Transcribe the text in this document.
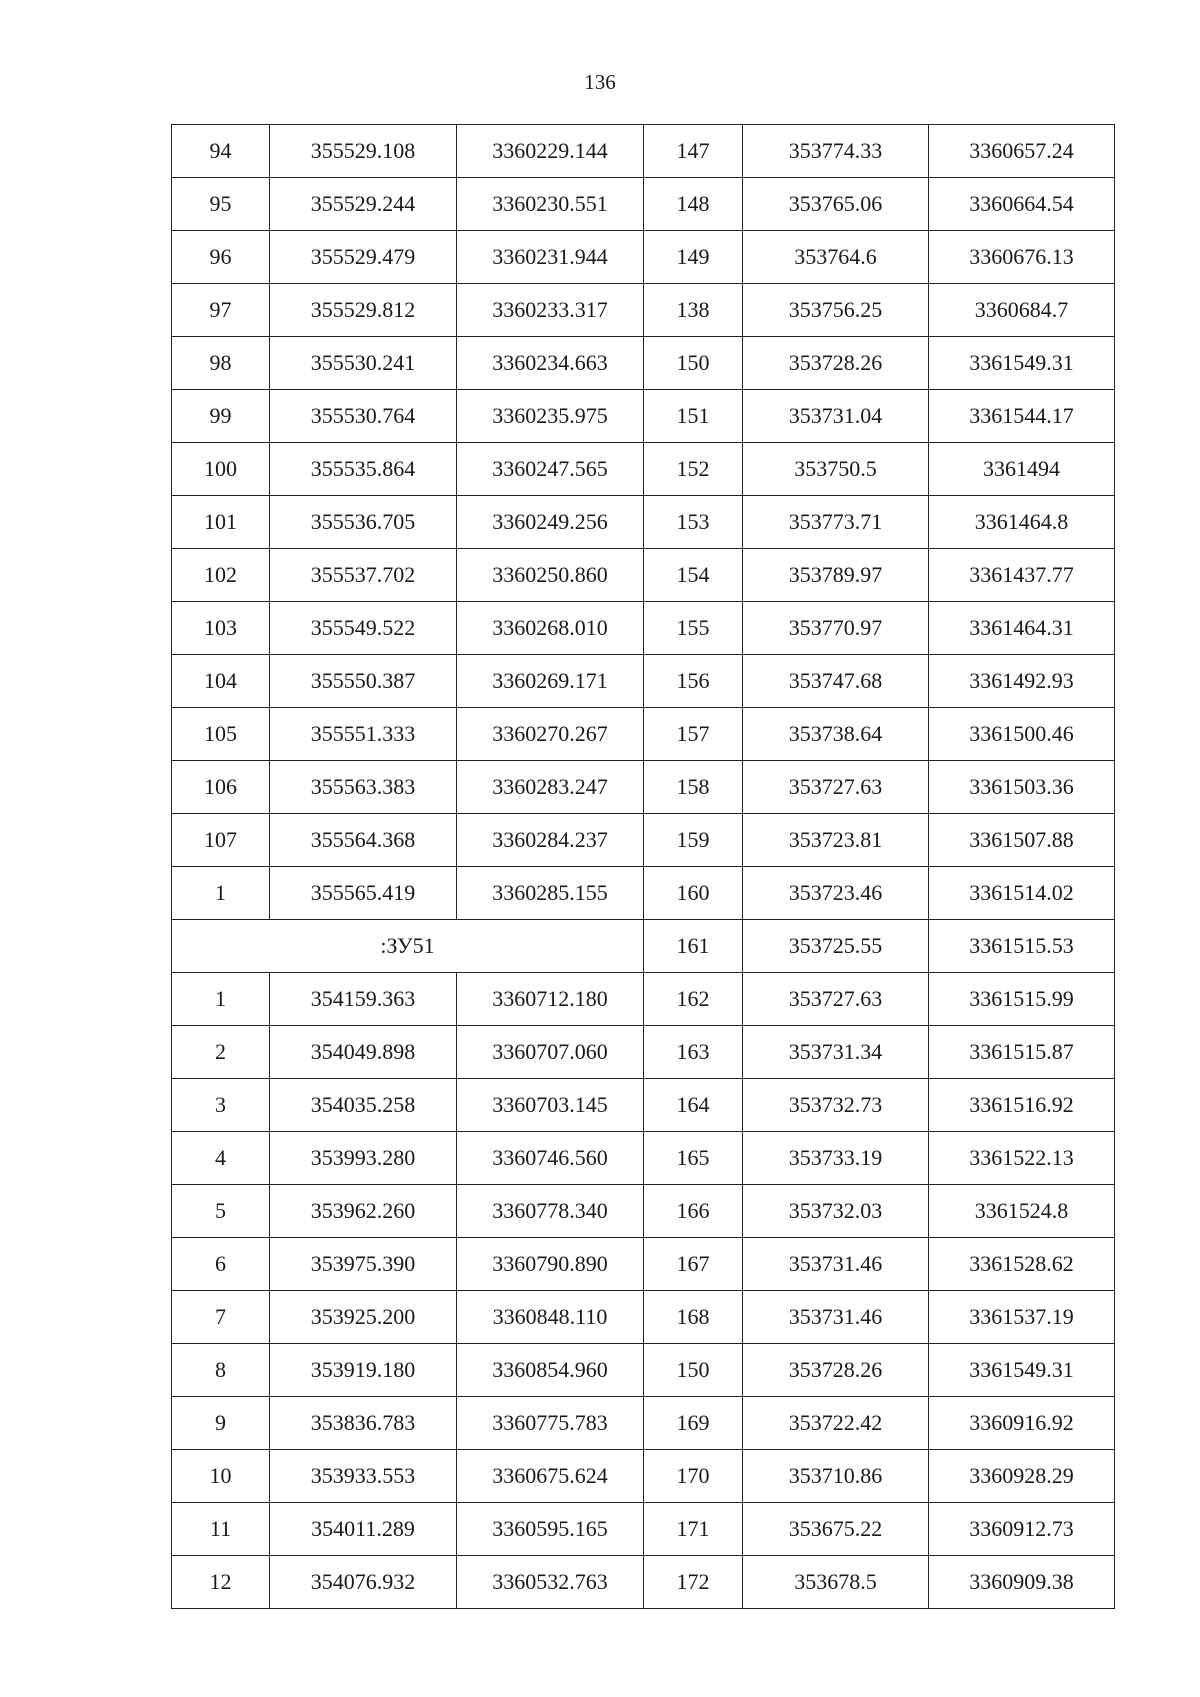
136
94	355529.108	3360229.144	147	353774.33	3360657.24
95	355529.244	3360230.551	148	353765.06	3360664.54
96	355529.479	3360231.944	149	353764.6	3360676.13
97	355529.812	3360233.317	138	353756.25	3360684.7
98	355530.241	3360234.663	150	353728.26	3361549.31
99	355530.764	3360235.975	151	353731.04	3361544.17
100	355535.864	3360247.565	152	353750.5	3361494
101	355536.705	3360249.256	153	353773.71	3361464.8
102	355537.702	3360250.860	154	353789.97	3361437.77
103	355549.522	3360268.010	155	353770.97	3361464.31
104	355550.387	3360269.171	156	353747.68	3361492.93
105	355551.333	3360270.267	157	353738.64	3361500.46
106	355563.383	3360283.247	158	353727.63	3361503.36
107	355564.368	3360284.237	159	353723.81	3361507.88
1	355565.419	3360285.155	160	353723.46	3361514.02
:ЗУ51			161	353725.55	3361515.53
1	354159.363	3360712.180	162	353727.63	3361515.99
2	354049.898	3360707.060	163	353731.34	3361515.87
3	354035.258	3360703.145	164	353732.73	3361516.92
4	353993.280	3360746.560	165	353733.19	3361522.13
5	353962.260	3360778.340	166	353732.03	3361524.8
6	353975.390	3360790.890	167	353731.46	3361528.62
7	353925.200	3360848.110	168	353731.46	3361537.19
8	353919.180	3360854.960	150	353728.26	3361549.31
9	353836.783	3360775.783	169	353722.42	3360916.92
10	353933.553	3360675.624	170	353710.86	3360928.29
11	354011.289	3360595.165	171	353675.22	3360912.73
12	354076.932	3360532.763	172	353678.5	3360909.38
